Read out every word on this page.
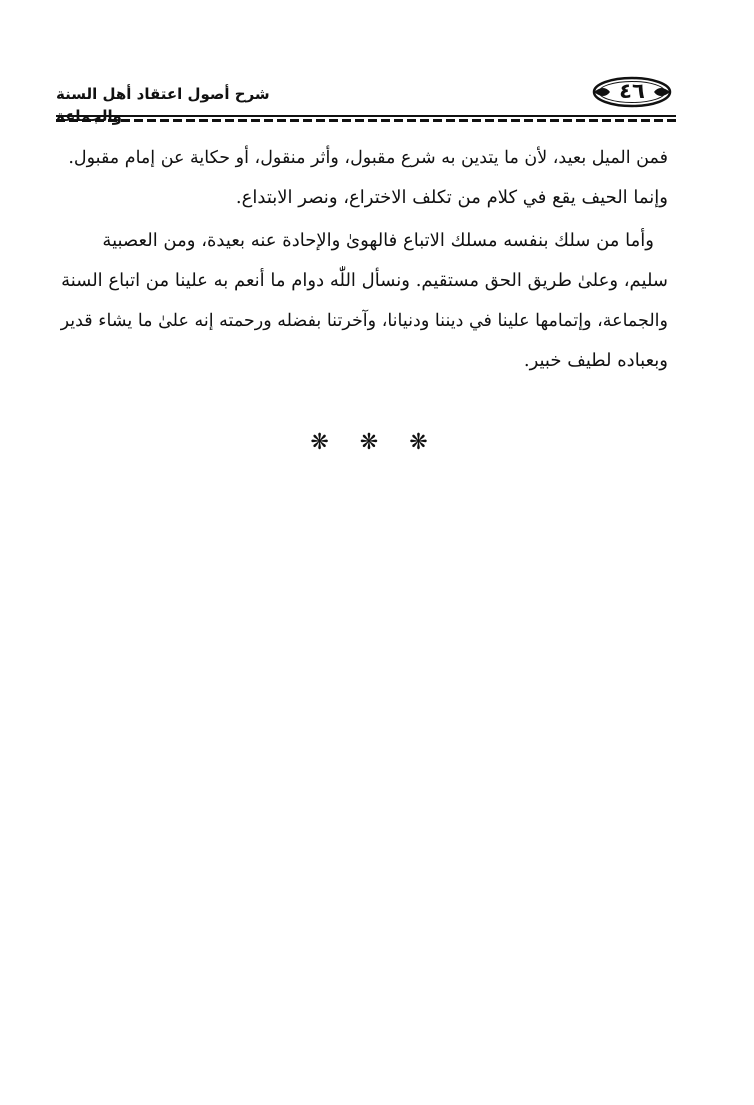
شرح أصول اعتقاد أهل السنة والجماعة
٤٦
فمن الميل بعيد، لأن ما يتدين به شرع مقبول، وأثر منقول، أو حكاية عن إمام مقبول.
وإنما الحيف يقع في كلام من تكلف الاختراع، ونصر الابتداع.
وأما من سلك بنفسه مسلك الاتباع فالهوىٰ والإحادة عنه بعيدة، ومن العصبية
سليم، وعلىٰ طريق الحق مستقيم. ونسأل اللّٰه دوام ما أنعم به علينا من اتباع السنة
والجماعة، وإتمامها علينا في ديننا ودنيانا، وآخرتنا بفضله ورحمته إنه علىٰ ما يشاء قدير
وبعباده لطيف خبير.
❋ ❋ ❋
